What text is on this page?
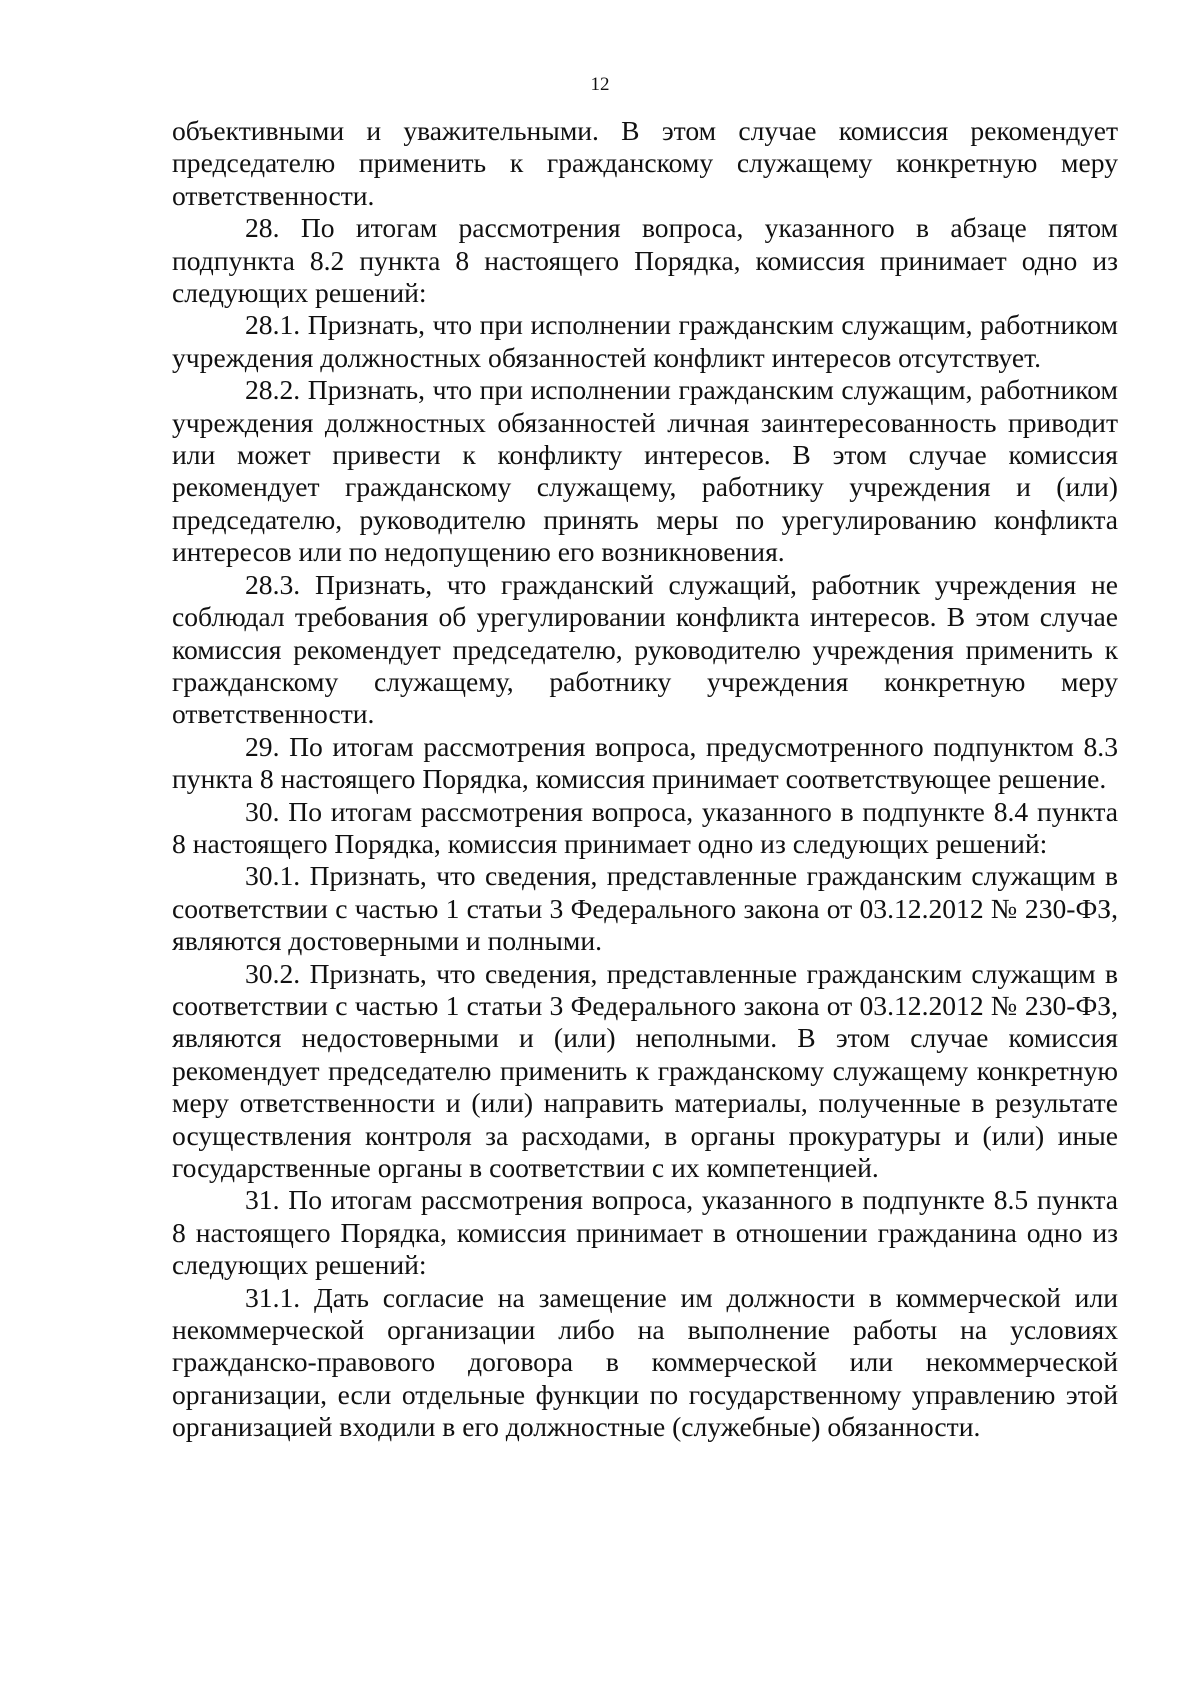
12

объективными и уважительными. В этом случае комиссия рекомендует председателю применить к гражданскому служащему конкретную меру ответственности.

28. По итогам рассмотрения вопроса, указанного в абзаце пятом подпункта 8.2 пункта 8 настоящего Порядка, комиссия принимает одно из следующих решений:

28.1. Признать, что при исполнении гражданским служащим, работником учреждения должностных обязанностей конфликт интересов отсутствует.

28.2. Признать, что при исполнении гражданским служащим, работником учреждения должностных обязанностей личная заинтересованность приводит или может привести к конфликту интересов. В этом случае комиссия рекомендует гражданскому служащему, работнику учреждения и (или) председателю, руководителю принять меры по урегулированию конфликта интересов или по недопущению его возникновения.

28.3. Признать, что гражданский служащий, работник учреждения не соблюдал требования об урегулировании конфликта интересов. В этом случае комиссия рекомендует председателю, руководителю учреждения применить к гражданскому служащему, работнику учреждения конкретную меру ответственности.

29. По итогам рассмотрения вопроса, предусмотренного подпунктом 8.3 пункта 8 настоящего Порядка, комиссия принимает соответствующее решение.

30. По итогам рассмотрения вопроса, указанного в подпункте 8.4 пункта 8 настоящего Порядка, комиссия принимает одно из следующих решений:

30.1. Признать, что сведения, представленные гражданским служащим в соответствии с частью 1 статьи 3 Федерального закона от 03.12.2012 № 230-ФЗ, являются достоверными и полными.

30.2. Признать, что сведения, представленные гражданским служащим в соответствии с частью 1 статьи 3 Федерального закона от 03.12.2012 № 230-ФЗ, являются недостоверными и (или) неполными. В этом случае комиссия рекомендует председателю применить к гражданскому служащему конкретную меру ответственности и (или) направить материалы, полученные в результате осуществления контроля за расходами, в органы прокуратуры и (или) иные государственные органы в соответствии с их компетенцией.

31. По итогам рассмотрения вопроса, указанного в подпункте 8.5 пункта 8 настоящего Порядка, комиссия принимает в отношении гражданина одно из следующих решений:

31.1. Дать согласие на замещение им должности в коммерческой или некоммерческой организации либо на выполнение работы на условиях гражданско-правового договора в коммерческой или некоммерческой организации, если отдельные функции по государственному управлению этой организацией входили в его должностные (служебные) обязанности.
